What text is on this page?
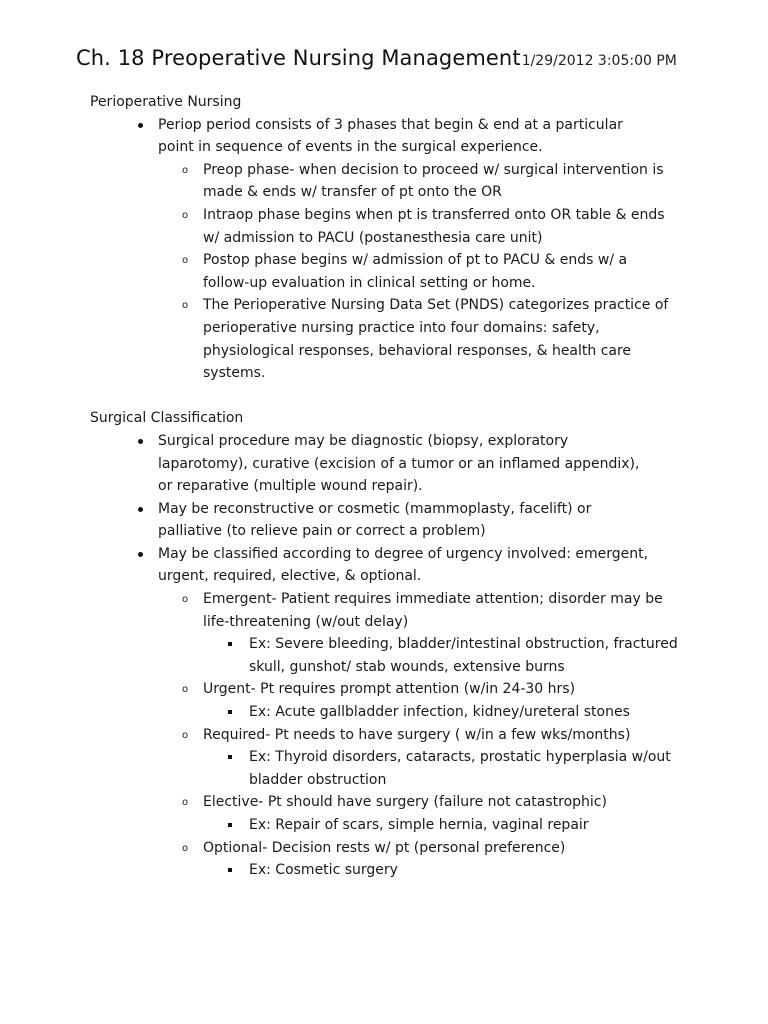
Ch. 18 Preoperative Nursing Management1/29/2012 3:05:00 PM
Perioperative Nursing
Periop period consists of 3 phases that begin & end at a particular point in sequence of events in the surgical experience.
o Preop phase- when decision to proceed w/ surgical intervention is made & ends w/ transfer of pt onto the OR
o Intraop phase begins when pt is transferred onto OR table & ends w/ admission to PACU (postanesthesia care unit)
o Postop phase begins w/ admission of pt to PACU & ends w/ a follow-up evaluation in clinical setting or home.
o The Perioperative Nursing Data Set (PNDS) categorizes practice of perioperative nursing practice into four domains: safety, physiological responses, behavioral responses, & health care systems.
Surgical Classification
Surgical procedure may be diagnostic (biopsy, exploratory laparotomy), curative (excision of a tumor or an inflamed appendix), or reparative (multiple wound repair).
May be reconstructive or cosmetic (mammoplasty, facelift) or palliative (to relieve pain or correct a problem)
May be classified according to degree of urgency involved: emergent, urgent, required, elective, & optional.
o Emergent- Patient requires immediate attention; disorder may be life-threatening (w/out delay)
Ex: Severe bleeding, bladder/intestinal obstruction, fractured skull, gunshot/ stab wounds, extensive burns
o Urgent- Pt requires prompt attention (w/in 24-30 hrs)
Ex: Acute gallbladder infection, kidney/ureteral stones
o Required- Pt needs to have surgery ( w/in a few wks/months)
Ex: Thyroid disorders, cataracts, prostatic hyperplasia w/out bladder obstruction
o Elective- Pt should have surgery (failure not catastrophic)
Ex: Repair of scars, simple hernia, vaginal repair
o Optional- Decision rests w/ pt (personal preference)
Ex: Cosmetic surgery
